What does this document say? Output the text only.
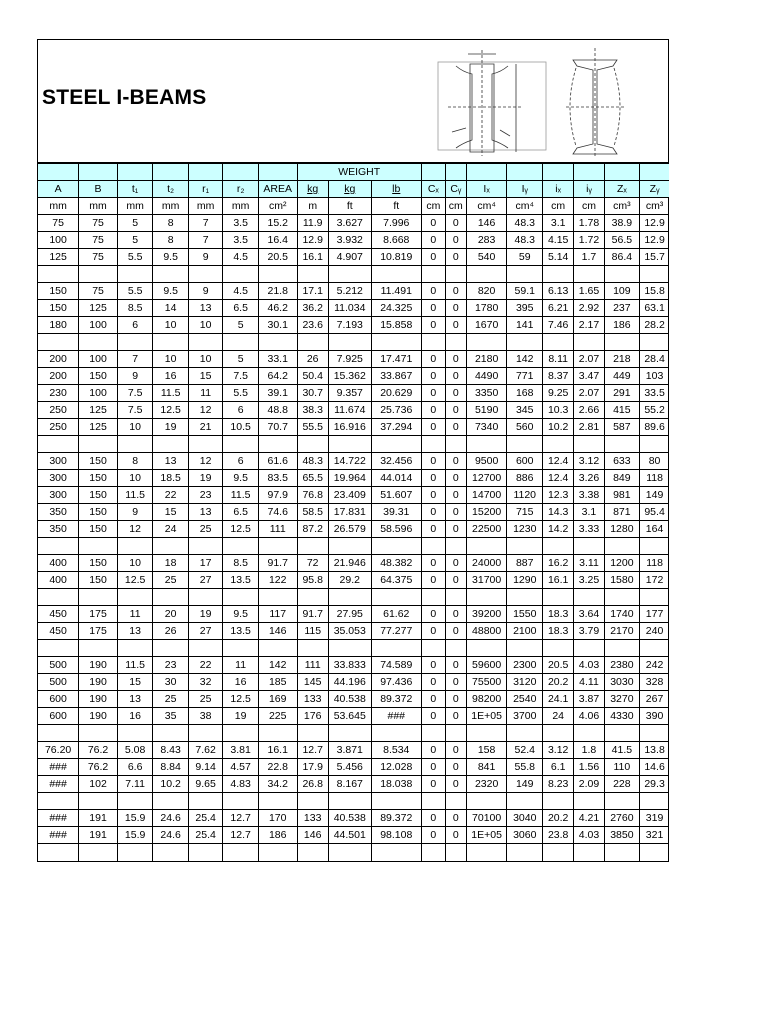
STEEL I-BEAMS
							WEIGHT										
A	B	t₁	t₂	r₁	r₂	AREA	kg	kg	lb	Cₓ	Cᵧ	Iₓ	Iᵧ	iₓ	iᵧ	Zₓ	Zᵧ
mm	mm	mm	mm	mm	mm	cm²	m	ft	ft	cm	cm	cm⁴	cm⁴	cm	cm	cm³	cm³
75	75	5	8	7	3.5	15.2	11.9	3.627	7.996	0	0	146	48.3	3.1	1.78	38.9	12.9
100	75	5	8	7	3.5	16.4	12.9	3.932	8.668	0	0	283	48.3	4.15	1.72	56.5	12.9
125	75	5.5	9.5	9	4.5	20.5	16.1	4.907	10.819	0	0	540	59	5.14	1.7	86.4	15.7

150	75	5.5	9.5	9	4.5	21.8	17.1	5.212	11.491	0	0	820	59.1	6.13	1.65	109	15.8
150	125	8.5	14	13	6.5	46.2	36.2	11.034	24.325	0	0	1780	395	6.21	2.92	237	63.1
180	100	6	10	10	5	30.1	23.6	7.193	15.858	0	0	1670	141	7.46	2.17	186	28.2

200	100	7	10	10	5	33.1	26	7.925	17.471	0	0	2180	142	8.11	2.07	218	28.4
200	150	9	16	15	7.5	64.2	50.4	15.362	33.867	0	0	4490	771	8.37	3.47	449	103
230	100	7.5	11.5	11	5.5	39.1	30.7	9.357	20.629	0	0	3350	168	9.25	2.07	291	33.5
250	125	7.5	12.5	12	6	48.8	38.3	11.674	25.736	0	0	5190	345	10.3	2.66	415	55.2
250	125	10	19	21	10.5	70.7	55.5	16.916	37.294	0	0	7340	560	10.2	2.81	587	89.6

300	150	8	13	12	6	61.6	48.3	14.722	32.456	0	0	9500	600	12.4	3.12	633	80
300	150	10	18.5	19	9.5	83.5	65.5	19.964	44.014	0	0	12700	886	12.4	3.26	849	118
300	150	11.5	22	23	11.5	97.9	76.8	23.409	51.607	0	0	14700	1120	12.3	3.38	981	149
350	150	9	15	13	6.5	74.6	58.5	17.831	39.31	0	0	15200	715	14.3	3.1	871	95.4
350	150	12	24	25	12.5	111	87.2	26.579	58.596	0	0	22500	1230	14.2	3.33	1280	164

400	150	10	18	17	8.5	91.7	72	21.946	48.382	0	0	24000	887	16.2	3.11	1200	118
400	150	12.5	25	27	13.5	122	95.8	29.2	64.375	0	0	31700	1290	16.1	3.25	1580	172

450	175	11	20	19	9.5	117	91.7	27.95	61.62	0	0	39200	1550	18.3	3.64	1740	177
450	175	13	26	27	13.5	146	115	35.053	77.277	0	0	48800	2100	18.3	3.79	2170	240

500	190	11.5	23	22	11	142	111	33.833	74.589	0	0	59600	2300	20.5	4.03	2380	242
500	190	15	30	32	16	185	145	44.196	97.436	0	0	75500	3120	20.2	4.11	3030	328
600	190	13	25	25	12.5	169	133	40.538	89.372	0	0	98200	2540	24.1	3.87	3270	267
600	190	16	35	38	19	225	176	53.645	###	0	0	1E+05	3700	24	4.06	4330	390

76.20	76.2	5.08	8.43	7.62	3.81	16.1	12.7	3.871	8.534	0	0	158	52.4	3.12	1.8	41.5	13.8
###	76.2	6.6	8.84	9.14	4.57	22.8	17.9	5.456	12.028	0	0	841	55.8	6.1	1.56	110	14.6
###	102	7.11	10.2	9.65	4.83	34.2	26.8	8.167	18.038	0	0	2320	149	8.23	2.09	228	29.3

###	191	15.9	24.6	25.4	12.7	170	133	40.538	89.372	0	0	70100	3040	20.2	4.21	2760	319
###	191	15.9	24.6	25.4	12.7	186	146	44.501	98.108	0	0	1E+05	3060	23.8	4.03	3850	321
